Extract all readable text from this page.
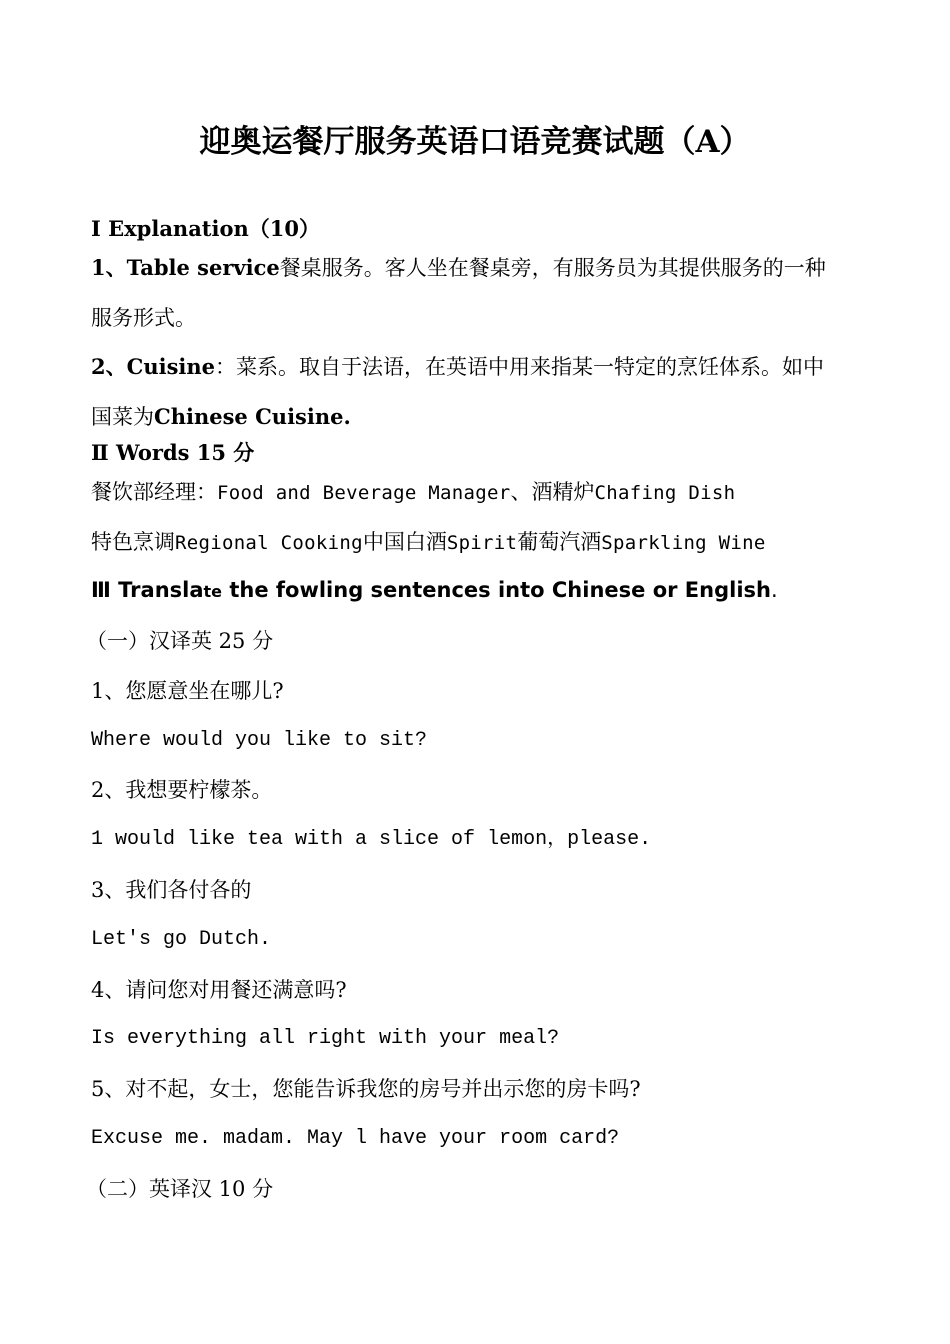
迎奥运餐厅服务英语口语竞赛试题（A）
I Explanation（10）
1、Table service餐桌服务。客人坐在餐桌旁，有服务员为其提供服务的一种
服务形式。
2、Cuisine：菜系。取自于法语，在英语中用来指某一特定的烹饪体系。如中
国菜为Chinese Cuisine.
Ⅱ Words 15 分
餐饮部经理：Food and Beverage Manager、酒精炉Chafing Dish
特色烹调Regional Cooking中国白酒Spirit葡萄汽酒Sparkling Wine
Ⅲ Translate the fowling sentences into Chinese or English.
（一）汉译英 25 分
1、您愿意坐在哪儿?
Where would you like to sit?
2、我想要柠檬茶。
1 would like tea with a slice of lemon，please.
3、我们各付各的
Let's go Dutch.
4、请问您对用餐还满意吗?
Is everything all right with your meal?
5、对不起，女士，您能告诉我您的房号并出示您的房卡吗?
Excuse me. madam. May l have your room card?
（二）英译汉 10 分
